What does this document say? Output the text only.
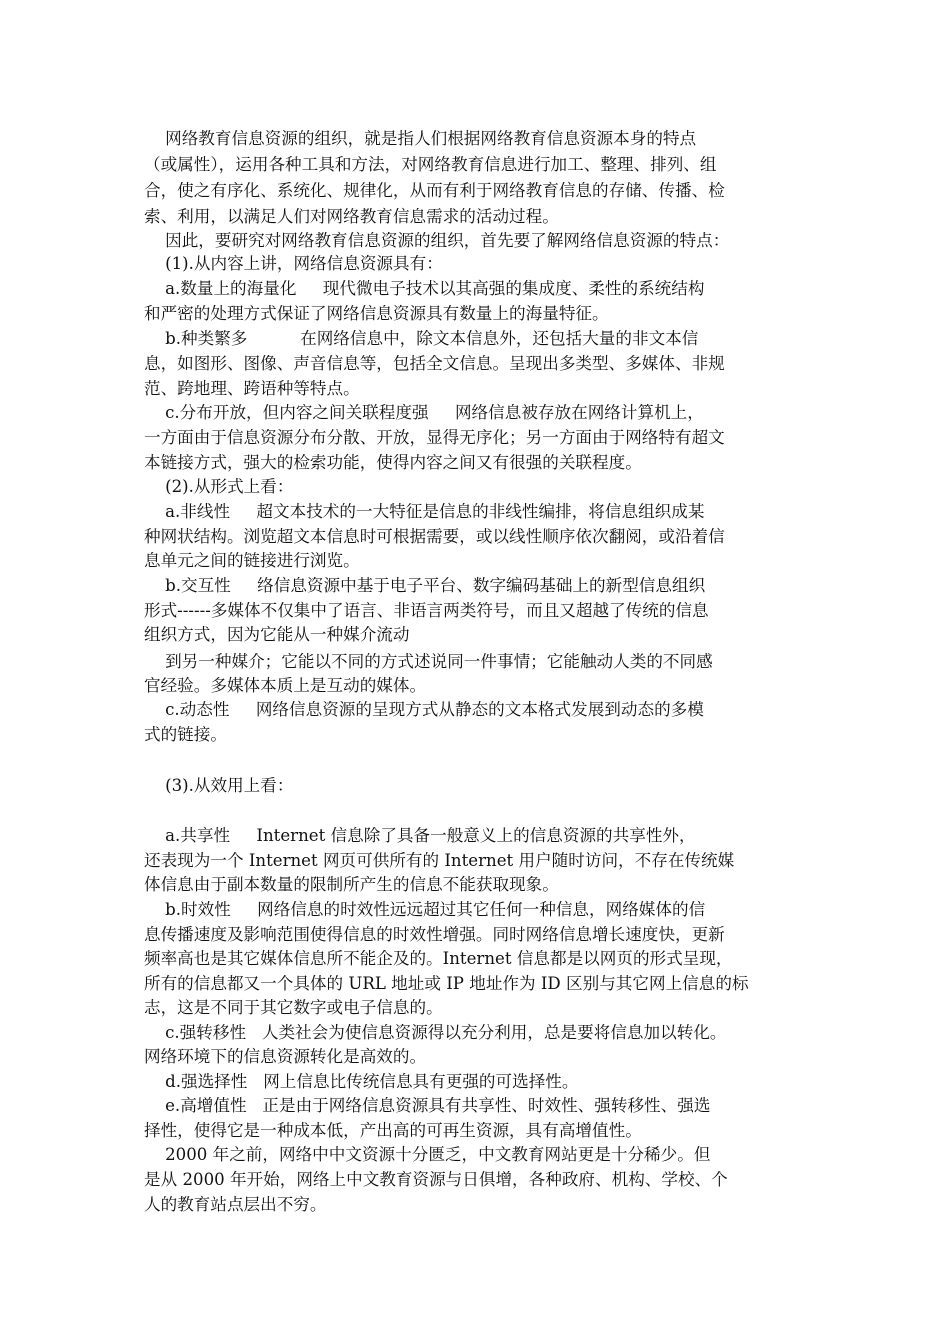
网络教育信息资源的组织，就是指人们根据网络教育信息资源本身的特点
（或属性），运用各种工具和方法，对网络教育信息进行加工、整理、排列、组
合，使之有序化、系统化、规律化，从而有利于网络教育信息的存储、传播、检
索、利用，以满足人们对网络教育信息需求的活动过程。
因此，要研究对网络教育信息资源的组织，首先要了解网络信息资源的特点：
(1).从内容上讲，网络信息资源具有：
a.数量上的海量化     现代微电子技术以其高强的集成度、柔性的系统结构
和严密的处理方式保证了网络信息资源具有数量上的海量特征。
b.种类繁多          在网络信息中，除文本信息外，还包括大量的非文本信
息，如图形、图像、声音信息等，包括全文信息。呈现出多类型、多媒体、非规
范、跨地理、跨语种等特点。
c.分布开放，但内容之间关联程度强     网络信息被存放在网络计算机上，
一方面由于信息资源分布分散、开放，显得无序化；另一方面由于网络特有超文
本链接方式，强大的检索功能，使得内容之间又有很强的关联程度。
(2).从形式上看：
a.非线性     超文本技术的一大特征是信息的非线性编排，将信息组织成某
种网状结构。浏览超文本信息时可根据需要，或以线性顺序依次翻阅，或沿着信
息单元之间的链接进行浏览。
b.交互性     络信息资源中基于电子平台、数字编码基础上的新型信息组织
形式------多媒体不仅集中了语言、非语言两类符号，而且又超越了传统的信息
组织方式，因为它能从一种媒介流动
到另一种媒介；它能以不同的方式述说同一件事情；它能触动人类的不同感
官经验。多媒体本质上是互动的媒体。
c.动态性     网络信息资源的呈现方式从静态的文本格式发展到动态的多模
式的链接。
(3).从效用上看：
a.共享性     Internet 信息除了具备一般意义上的信息资源的共享性外，
还表现为一个 Internet 网页可供所有的 Internet 用户随时访问，不存在传统媒
体信息由于副本数量的限制所产生的信息不能获取现象。
b.时效性     网络信息的时效性远远超过其它任何一种信息，网络媒体的信
息传播速度及影响范围使得信息的时效性增强。同时网络信息增长速度快，更新
频率高也是其它媒体信息所不能企及的。Internet 信息都是以网页的形式呈现，
所有的信息都又一个具体的 URL 地址或 IP 地址作为 ID 区别与其它网上信息的标
志，这是不同于其它数字或电子信息的。
c.强转移性   人类社会为使信息资源得以充分利用，总是要将信息加以转化。
网络环境下的信息资源转化是高效的。
d.强选择性   网上信息比传统信息具有更强的可选择性。
e.高增值性   正是由于网络信息资源具有共享性、时效性、强转移性、强选
择性，使得它是一种成本低，产出高的可再生资源，具有高增值性。
2000 年之前，网络中中文资源十分匮乏，中文教育网站更是十分稀少。但
是从 2000 年开始，网络上中文教育资源与日俱增，各种政府、机构、学校、个
人的教育站点层出不穷。
